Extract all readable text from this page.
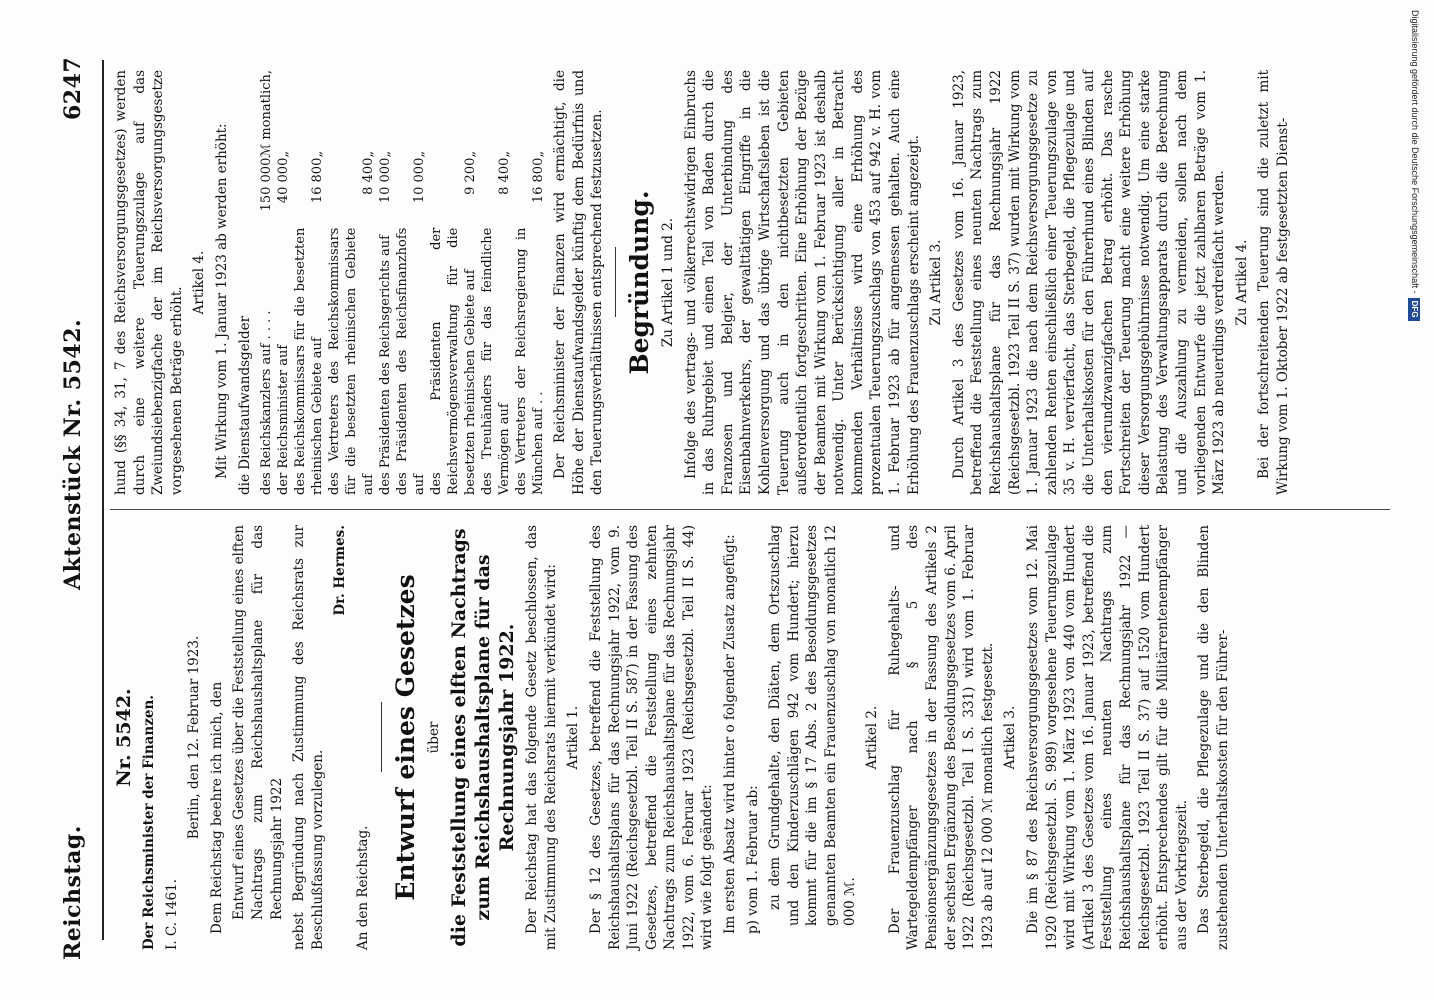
Reichstag.
Aktenstück Nr. 5542.
6247

Nr. 5542. Der Reichsminister der Finanzen. I. C. 1461.

Berlin, den 12. Februar 1923. Dem Reichstag beehre ich mich, den Entwurf eines Gesetzes über die Feststellung eines elften Nachtrags zum Reichshaushaltsplane für das Rechnungsjahr 1922 nebst Begründung nach Zustimmung des Reichsrats zur Beschlußfassung vorzulegen.

Dr. Hermes.

An den Reichstag. Entwurf eines Gesetzes über die Feststellung eines elften Nachtrags zum Reichshaushaltsplane für das Rechnungsjahr 1922. Der Reichstag hat das folgende Gesetz beschlossen, das mit Zustimmung des Reichsrats hiermit verkündet wird: Artikel 1. Der § 12 des Gesetzes, betreffend die Feststellung des Reichshaushaltsplans für das Rechnungsjahr 1922, vom 9. Juni 1922 (Reichsgesetzbl. Teil II S. 587) in der Fassung des Gesetzes, betreffend die Feststellung eines zehnten Nachtrags zum Reichshaushaltsplane für das Rechnungsjahr 1922, vom 6. Februar 1923 (Reichsgesetzbl. Teil II S. 44) wird wie folgt geändert: Im ersten Absatz wird hinter o folgender Zusatz angefügt: p) vom 1. Februar ab: zu dem Grundgehalte, den Diäten, dem Ortszuschlag und den Kinderzuschlägen 942 vom Hundert; hierzu kommt für die im § 17 Abs. 2 des Besoldungsgesetzes genannten Beamten ein Frauenzuschlag von monatlich 12 000 ℳ.

Artikel 2. Der Frauenzuschlag für Ruhegehalts- und Wartegeldempfänger nach § 5 des Pensionsergänzungsgesetzes in der Fassung des Artikels 2 der sechsten Ergänzung des Besoldungsgesetzes vom 6. April 1922 (Reichsgesetzbl. Teil I S. 331) wird vom 1. Februar 1923 ab auf 12 000 ℳ monatlich festgesetzt. Artikel 3. Die im § 87 des Reichsversorgungsgesetzes vom 12. Mai 1920 (Reichsgesetzbl. S. 989) vorgesehene Teuerungszulage wird mit Wirkung vom 1. März 1923 von 440 vom Hundert (Artikel 3 des Gesetzes vom 16. Januar 1923, betreffend die Feststellung eines neunten Nachtrags zum Reichshaushaltsplane für das Rechnungsjahr 1922 — Reichsgesetzbl. 1923 Teil II S. 37) auf 1520 vom Hundert erhöht. Entsprechendes gilt für die Militärrentenempfänger aus der Vorkriegszeit. Das Sterbegeld, die Pflegezulage und die den Blinden zustehenden Unterhaltskosten für den Führer-

hund (§§ 34, 31, 7 des Reichsversorgungsgesetzes) werden durch eine weitere Teuerungszulage auf das Zweiundsiebenzigfache der im Reichsversorgungsgesetze vorgesehenen Beträge erhöht.

Artikel 4. Mit Wirkung vom 1. Januar 1923 ab werden erhöht: die Dienstaufwandsgelder des Reichskanzlers auf . . . .	150 000	ℳ monatlich,
der Reichsminister auf	40 000	„
des Reichskommissars für die besetzten rheinischen Gebiete auf	16 800	„
des Vertreters des Reichskommissars für die besetzten rheinischen Gebiete auf	8 400	„
des Präsidenten des Reichsgerichts auf	10 000	„
des Präsidenten des Reichsfinanzhofs auf	10 000	„
des Präsidenten der Reichsvermögensverwaltung für die besetzten rheinischen Gebiete auf	9 200	„
des Treuhänders für das feindliche Vermögen auf	8 400	„
des Vertreters der Reichsregierung in München auf . .	16 800	„ Der Reichsminister der Finanzen wird ermächtigt, die Höhe der Dienstaufwandsgelder künftig dem Bedürfnis und den Teuerungsverhältnissen entsprechend festzusetzen. Begründung. Zu Artikel 1 und 2. Infolge des vertrags- und völkerrechtswidrigen Einbruchs in das Ruhrgebiet und einen Teil von Baden durch die Franzosen und Belgier, der Unterbindung des Eisenbahnverkehrs, der gewalttätigen Eingriffe in die Kohlenversorgung und das übrige Wirtschaftsleben ist die Teuerung auch in den nichtbesetzten Gebieten außerordentlich fortgeschritten. Eine Erhöhung der Bezüge der Beamten mit Wirkung vom 1. Februar 1923 ist deshalb notwendig. Unter Berücksichtigung aller in Betracht kommenden Verhältnisse wird eine Erhöhung des prozentualen Teuerungszuschlags von 453 auf 942 v. H. vom 1. Februar 1923 ab für angemessen gehalten. Auch eine Erhöhung des Frauenzuschlags erscheint angezeigt. Zu Artikel 3. Durch Artikel 3 des Gesetzes vom 16. Januar 1923, betreffend die Feststellung eines neunten Nachtrags zum Reichshaushaltsplane für das Rechnungsjahr 1922 (Reichsgesetzbl. 1923 Teil II S. 37) wurden mit Wirkung vom 1. Januar 1923 die nach dem Reichsversorgungsgesetze zu zahlenden Renten einschließlich einer Teuerungszulage von 35 v. H. vervierfacht, das Sterbegeld, die Pflegezulage und die Unterhaltskosten für den Führerhund eines Blinden auf den vierundzwanzigfachen Betrag erhöht. Das rasche Fortschreiten der Teuerung macht eine weitere Erhöhung dieser Versorgungsgebührnisse notwendig. Um eine starke Belastung des Verwaltungsapparats durch die Berechnung und die Auszahlung zu vermeiden, sollen nach dem vorliegenden Entwurfe die jetzt zahlbaren Beträge vom 1. März 1923 ab neuerdings verdreifacht werden. Zu Artikel 4. Bei der fortschreitenden Teuerung sind die zuletzt mit Wirkung vom 1. Oktober 1922 ab festgesetzten Dienst-	Digitalisierung gefördert durch die Deutsche Forschungsgemeinschaft -DFG
